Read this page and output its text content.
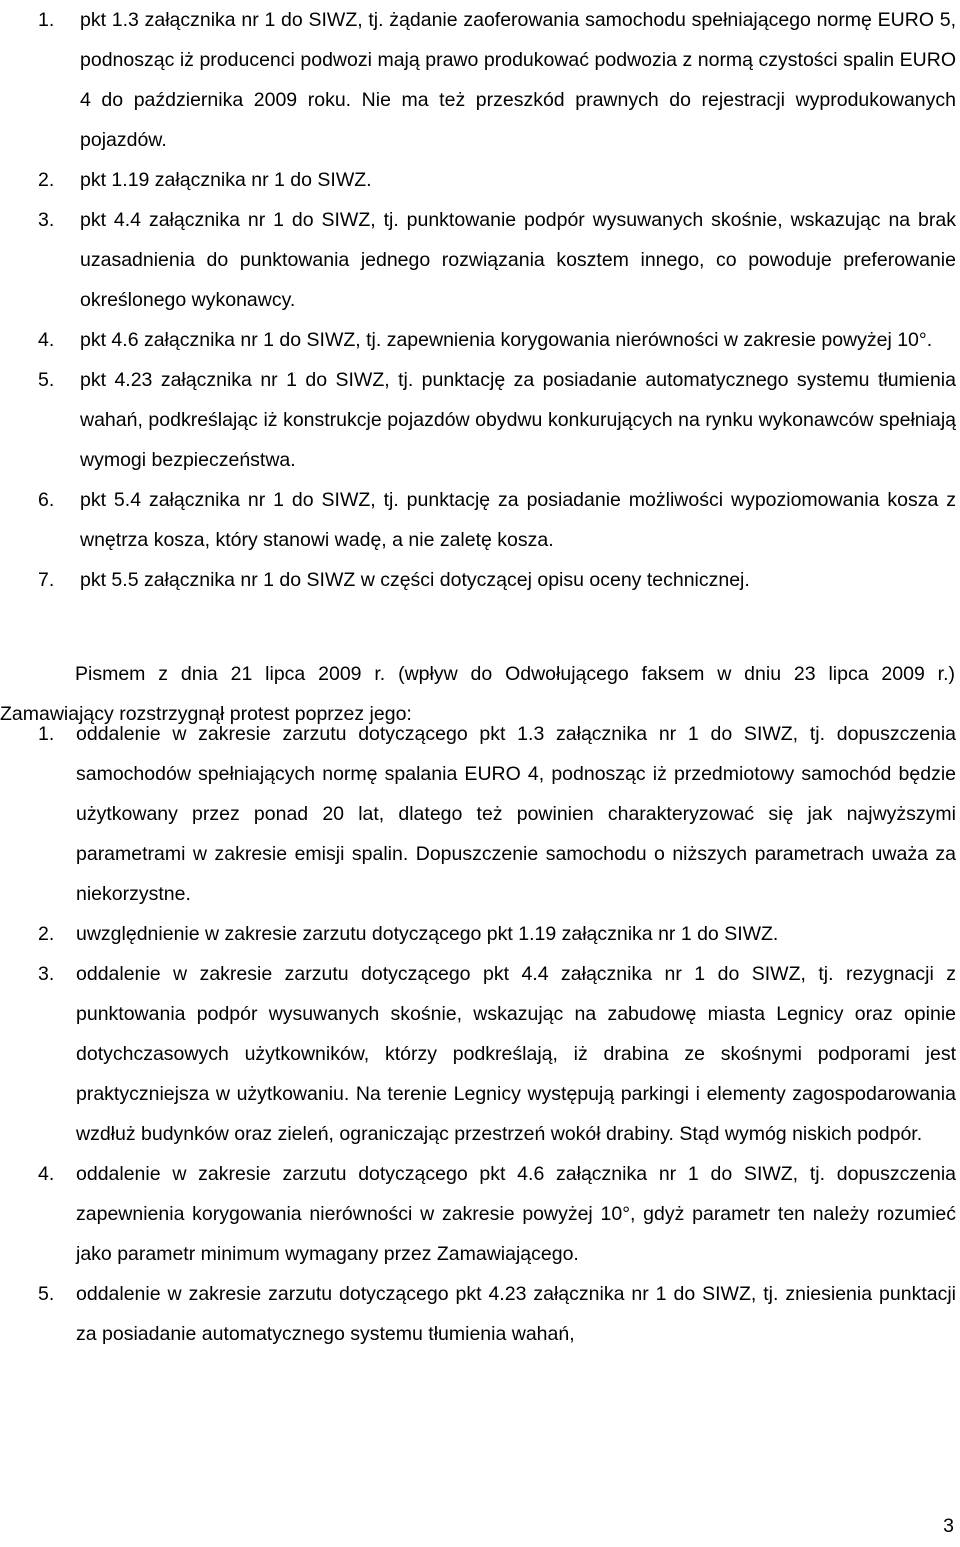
1.	pkt 1.3 załącznika nr 1 do SIWZ, tj. żądanie zaoferowania samochodu spełniającego normę EURO 5, podnosząc iż producenci podwozi mają prawo produkować podwozia z normą czystości spalin EURO 4 do października 2009 roku. Nie ma też przeszkód prawnych do rejestracji wyprodukowanych pojazdów.
2.	pkt 1.19 załącznika nr 1 do SIWZ.
3.	pkt 4.4 załącznika nr 1 do SIWZ, tj. punktowanie podpór wysuwanych skośnie, wskazując na brak uzasadnienia do punktowania jednego rozwiązania kosztem innego, co powoduje preferowanie określonego wykonawcy.
4.	pkt 4.6 załącznika nr 1 do SIWZ, tj. zapewnienia korygowania nierówności w zakresie powyżej 10°.
5.	pkt 4.23 załącznika nr 1 do SIWZ, tj. punktację za posiadanie automatycznego systemu tłumienia wahań, podkreślając iż konstrukcje pojazdów obydwu konkurujących na rynku wykonawców spełniają wymogi bezpieczeństwa.
6.	pkt 5.4 załącznika nr 1 do SIWZ, tj. punktację za posiadanie możliwości wypoziomowania kosza z wnętrza kosza, który stanowi wadę, a nie zaletę kosza.
7.	pkt 5.5 załącznika nr 1 do SIWZ w części dotyczącej opisu oceny technicznej.

Pismem z dnia 21 lipca 2009 r. (wpływ do Odwołującego faksem w dniu 23 lipca 2009 r.) Zamawiający rozstrzygnął protest poprzez jego:

1.	oddalenie w zakresie zarzutu dotyczącego pkt 1.3 załącznika nr 1 do SIWZ, tj. dopuszczenia samochodów spełniających normę spalania EURO 4, podnosząc iż przedmiotowy samochód będzie użytkowany przez ponad 20 lat, dlatego też powinien charakteryzować się jak najwyższymi parametrami w zakresie emisji spalin. Dopuszczenie samochodu o niższych parametrach uważa za niekorzystne.
2.	uwzględnienie w zakresie zarzutu dotyczącego pkt 1.19 załącznika nr 1 do SIWZ.
3.	oddalenie w zakresie zarzutu dotyczącego pkt 4.4 załącznika nr 1 do SIWZ, tj. rezygnacji z punktowania podpór wysuwanych skośnie, wskazując na zabudowę miasta Legnicy oraz opinie dotychczasowych użytkowników, którzy podkreślają, iż drabina ze skośnymi podporami jest praktyczniejsza w użytkowaniu. Na terenie Legnicy występują parkingi i elementy zagospodarowania wzdłuż budynków oraz zieleń, ograniczając przestrzeń wokół drabiny. Stąd wymóg niskich podpór.
4.	oddalenie w zakresie zarzutu dotyczącego pkt 4.6 załącznika nr 1 do SIWZ, tj. dopuszczenia zapewnienia korygowania nierówności w zakresie powyżej 10°, gdyż parametr ten należy rozumieć jako parametr minimum wymagany przez Zamawiającego.
5.	oddalenie w zakresie zarzutu dotyczącego pkt 4.23 załącznika nr 1 do SIWZ, tj. zniesienia punktacji za posiadanie automatycznego systemu tłumienia wahań,
3
